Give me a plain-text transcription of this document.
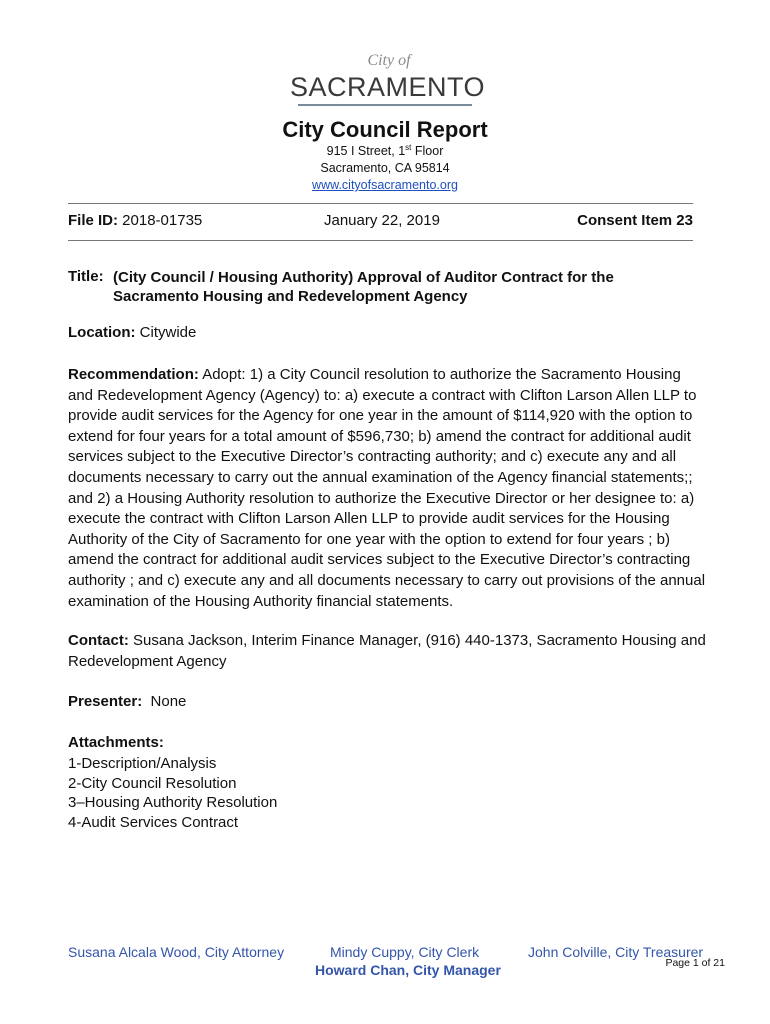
City of
SACRAMENTO
City Council Report
915 I Street, 1st Floor
Sacramento, CA 95814
www.cityofsacramento.org
File ID: 2018-01735	January 22, 2019	Consent Item 23
Title: (City Council / Housing Authority) Approval of Auditor Contract for the Sacramento Housing and Redevelopment Agency
Location: Citywide
Recommendation: Adopt: 1) a City Council resolution to authorize the Sacramento Housing and Redevelopment Agency (Agency) to: a) execute a contract with Clifton Larson Allen LLP to provide audit services for the Agency for one year in the amount of $114,920 with the option to extend for four years for a total amount of $596,730; b) amend the contract for additional audit services subject to the Executive Director’s contracting authority; and c) execute any and all documents necessary to carry out the annual examination of the Agency financial statements;; and 2) a Housing Authority resolution to authorize the Executive Director or her designee to: a) execute the contract with Clifton Larson Allen LLP to provide audit services for the Housing Authority of the City of Sacramento for one year with the option to extend for four years ; b) amend the contract for additional audit services subject to the Executive Director’s contracting authority ; and c) execute any and all documents necessary to carry out provisions of the annual examination of the Housing Authority financial statements.
Contact: Susana Jackson, Interim Finance Manager, (916) 440-1373, Sacramento Housing and Redevelopment Agency
Presenter:  None
Attachments:
1-Description/Analysis
2-City Council Resolution
3–Housing Authority Resolution
4-Audit Services Contract
Susana Alcala Wood, City Attorney	Mindy Cuppy, City Clerk	John Colville, City Treasurer
Howard Chan, City Manager	Page 1 of 21
